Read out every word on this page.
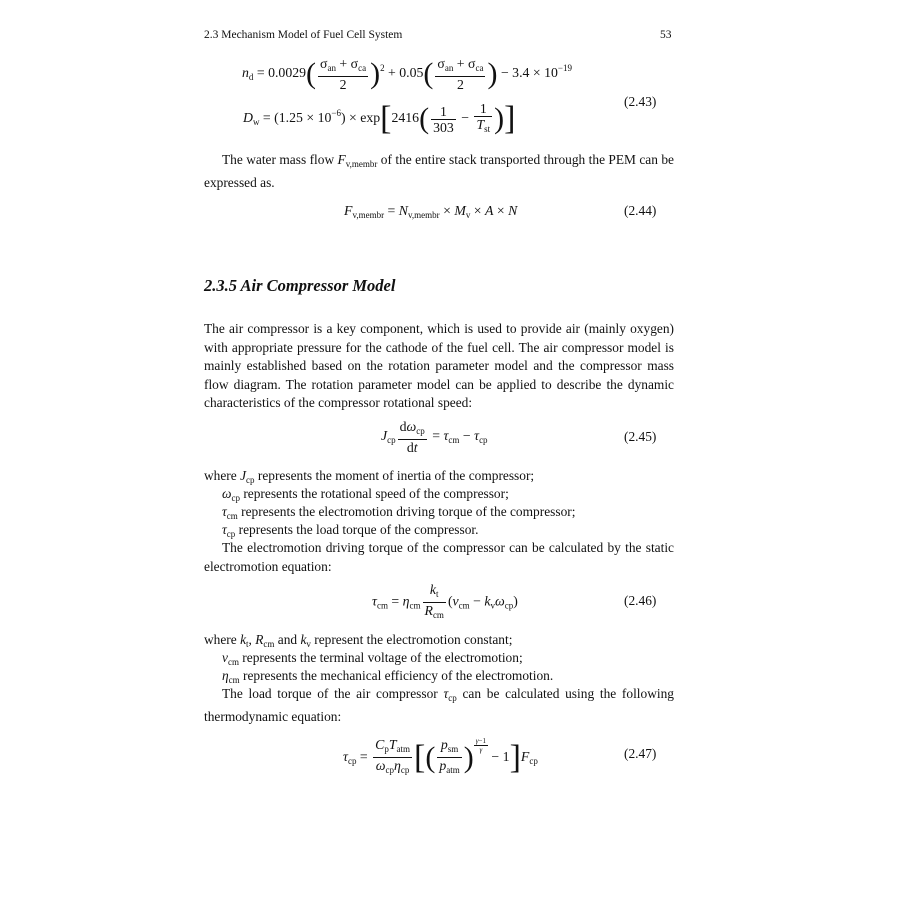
2.3 Mechanism Model of Fuel Cell System	53
$n_d = 0.0029( \frac{\sigma_{an} + \sigma_{ca}}{2} )^2 + 0.05( \frac{\sigma_{an} + \sigma_{ca}}{2}$ ) − $3.4 \times 10^{-19}$
(2.43)
$D_w = (1.25 \times 10^{-6}) \times \exp[2416( \frac{1}{303} - \frac{1}{T_{st}}$ )]
The water mass flow $F_{v,membr}$ of the entire stack transported through the PEM can be expressed as.
$F_{v,membr} = N_{v,membr} \times M_v \times A \times N$	(2.44)
2.3.5 Air Compressor Model
The air compressor is a key component, which is used to provide air (mainly oxygen) with appropriate pressure for the cathode of the fuel cell. The air compressor model is mainly established based on the rotation parameter model and the compressor mass flow diagram. The rotation parameter model can be applied to describe the dynamic characteristics of the compressor rotational speed:
$J_{cp} \frac{d\omega_{cp}}{dt} = \tau_{cm} - \tau_{cp}$	(2.45)
where $J_{cp}$ represents the moment of inertia of the compressor;
$\omega_{cp}$ represents the rotational speed of the compressor;
$\tau_{cm}$ represents the electromotion driving torque of the compressor;
$\tau_{cp}$ represents the load torque of the compressor.
The electromotion driving torque of the compressor can be calculated by the static electromotion equation:
$\tau_{cm} = \eta_{cm} \frac{k_t}{R_{cm}} (v_{cm} - k_v\omega_{cp})$	(2.46)
where $k_t$, $R_{cm}$ and $k_v$ represent the electromotion constant;
$v_{cm}$ represents the terminal voltage of the electromotion;
$\eta_{cm}$ represents the mechanical efficiency of the electromotion.
The load torque of the air compressor $\tau_{cp}$ can be calculated using the following thermodynamic equation:
$\tau_{cp} = \frac{C_pT_{atm}}{\omega_{cp}\eta_{cp}}$ [( $\frac{p_{sm}}{p_{atm}}$ ) $^{\frac{\gamma-1}{\gamma}}$
− $1]F_{cp}$
(2.47)
